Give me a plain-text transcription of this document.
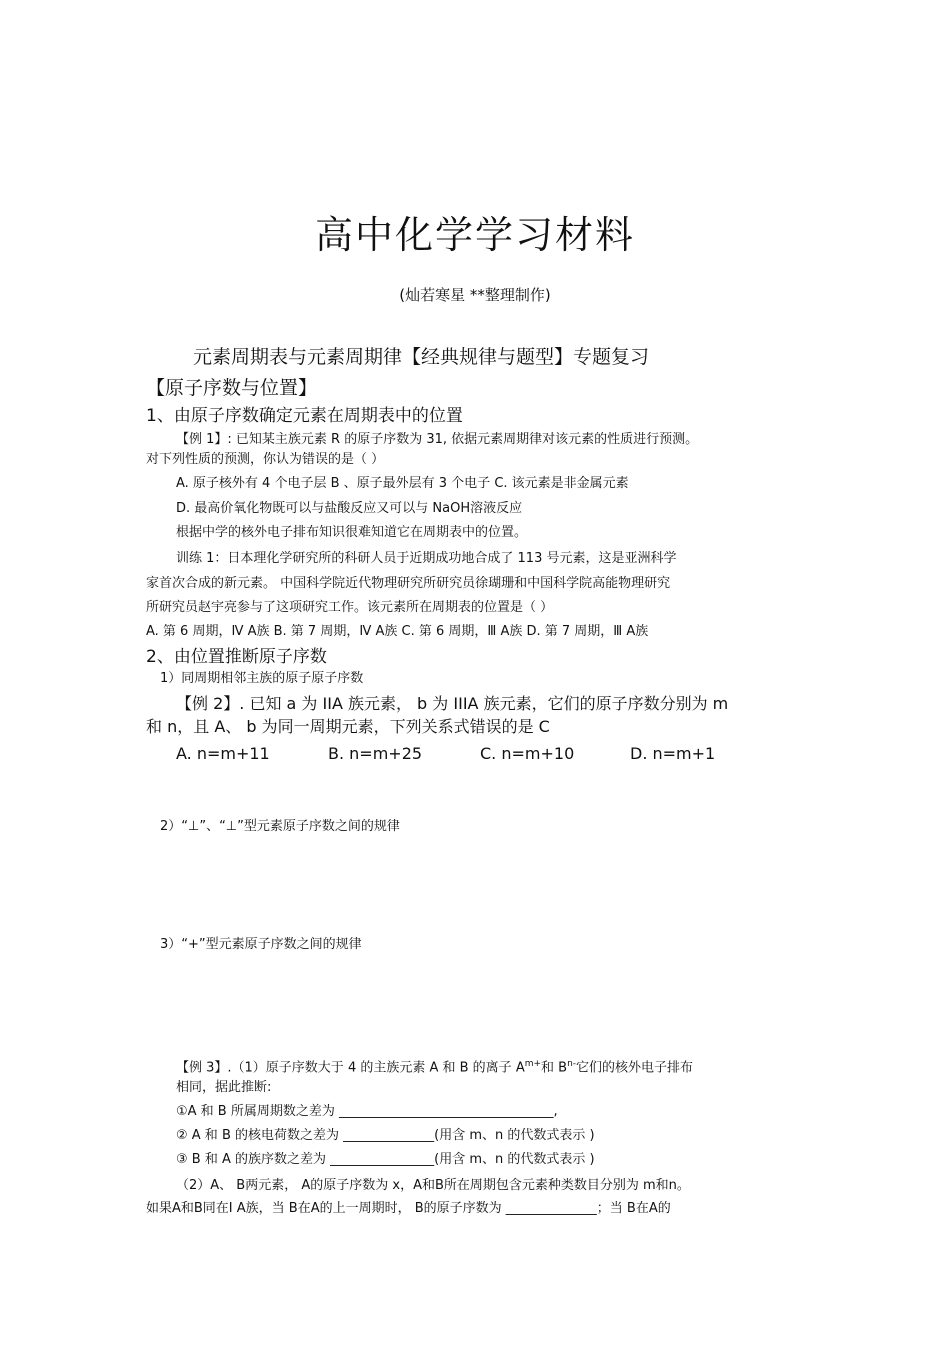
高中化学学习材料
(灿若寒星 **整理制作)
元素周期表与元素周期律【经典规律与题型】专题复习
【原子序数与位置】
1、由原子序数确定元素在周期表中的位置
【例 1】: 已知某主族元素 R 的原子序数为 31, 依据元素周期律对该元素的性质进行预测。
对下列性质的预测，你认为错误的是（ ）
A. 原子核外有 4 个电子层 B 、原子最外层有 3 个电子 C. 该元素是非金属元素
D. 最高价氧化物既可以与盐酸反应又可以与 NaOH溶液反应
根据中学的核外电子排布知识很难知道它在周期表中的位置。
训练 1：日本理化学研究所的科研人员于近期成功地合成了 113 号元素，这是亚洲科学
家首次合成的新元素。 中国科学院近代物理研究所研究员徐瑚珊和中国科学院高能物理研究
所研究员赵宇亮参与了这项研究工作。该元素所在周期表的位置是（ ）
A. 第 6 周期，Ⅳ A族 B. 第 7 周期，Ⅳ A族 C. 第 6 周期，Ⅲ A族 D. 第 7 周期，Ⅲ A族
2、由位置推断原子序数
1）同周期相邻主族的原子原子序数
【例 2】. 已知 a 为 IIA 族元素， b 为 IIIA 族元素，它们的原子序数分别为 m
和 n，且 A、 b 为同一周期元素，下列关系式错误的是 C
A. n=m+11	B. n=m+25	C. n=m+10	D. n=m+1
2）“⊥”、“⊥”型元素原子序数之间的规律
3）“+”型元素原子序数之间的规律
【例 3】.（1）原子序数大于 4 的主族元素 A 和 B 的离子 $A^{m+}$和 $B^{n-}$它们的核外电子排布
相同，据此推断:
①A 和 B 所属周期数之差为 _________________________________,
② A 和 B 的核电荷数之差为 ______________(用含 m、n 的代数式表示 )
③ B 和 A 的族序数之差为 ________________(用含 m、n 的代数式表示 )
（2）A、 B两元素， A的原子序数为 x，A和B所在周期包含元素种类数目分别为 m和n。
如果A和B同在Ⅰ A族，当 B在A的上一周期时， B的原子序数为 ______________；当 B在A的
